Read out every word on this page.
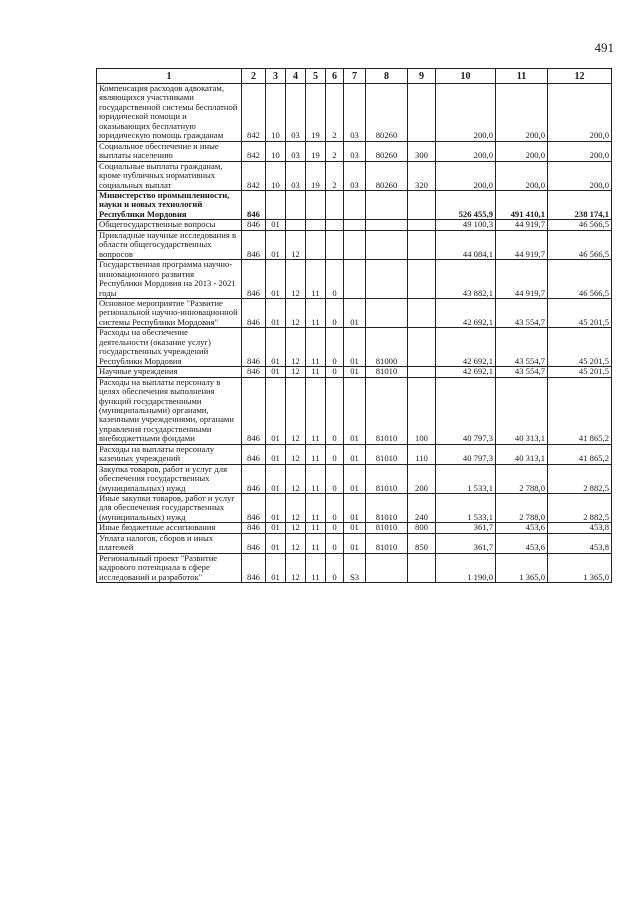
491
1	2	3	4	5	6	7	8	9	10	11	12
Компенсация расходов адвокатам, являющихся участниками государственной системы бесплатной юридической помощи и оказывающих бесплатную юридическую помощь гражданам	842	10	03	19	2	03	80260		200,0	200,0	200,0
Социальное обеспечение и иные выплаты населению	842	10	03	19	2	03	80260	300	200,0	200,0	200,0
Социальные выплаты гражданам, кроме публичных нормативных социальных выплат	842	10	03	19	2	03	80260	320	200,0	200,0	200,0
Министерство промышленности, науки и новых технологий Республики Мордовия	846								526 455,9	491 410,1	238 174,1
Общегосударственные вопросы	846	01							49 100,3	44 919,7	46 566,5
Прикладные научные исследования в области общегосударственных вопросов	846	01	12						44 084,1	44 919,7	46 566,5
Государственная программа научно-инновационного развития Республики Мордовия на 2013 - 2021 годы	846	01	12	11	0				43 882,1	44 919,7	46 566,5
Основное мероприятие "Развитие региональной научно-инновационной системы Республики Мордовия"	846	01	12	11	0	01			42 692,1	43 554,7	45 201,5
Расходы на обеспечение деятельности (оказание услуг) государственных учреждений Республики Мордовия	846	01	12	11	0	01	81000		42 692,1	43 554,7	45 201,5
Научные учреждения	846	01	12	11	0	01	81010		42 692,1	43 554,7	45 201,5
Расходы на выплаты персоналу в целях обеспечения выполнения функций государственными (муниципальными) органами, казенными учреждениями, органами управления государственными внебюджетными фондами	846	01	12	11	0	01	81010	100	40 797,3	40 313,1	41 865,2
Расходы на выплаты персоналу казенных учреждений	846	01	12	11	0	01	81010	110	40 797,3	40 313,1	41 865,2
Закупка товаров, работ и услуг для обеспечения государственных (муниципальных) нужд	846	01	12	11	0	01	81010	200	1 533,1	2 788,0	2 882,5
Иные закупки товаров, работ и услуг для обеспечения государственных (муниципальных) нужд	846	01	12	11	0	01	81010	240	1 533,1	2 788,0	2 882,5
Иные бюджетные ассигнования	846	01	12	11	0	01	81010	800	361,7	453,6	453,8
Уплата налогов, сборов и иных платежей	846	01	12	11	0	01	81010	850	361,7	453,6	453,8
Региональный проект "Развитие кадрового потенциала в сфере исследований и разработок"	846	01	12	11	0	S3			1 190,0	1 365,0	1 365,0
